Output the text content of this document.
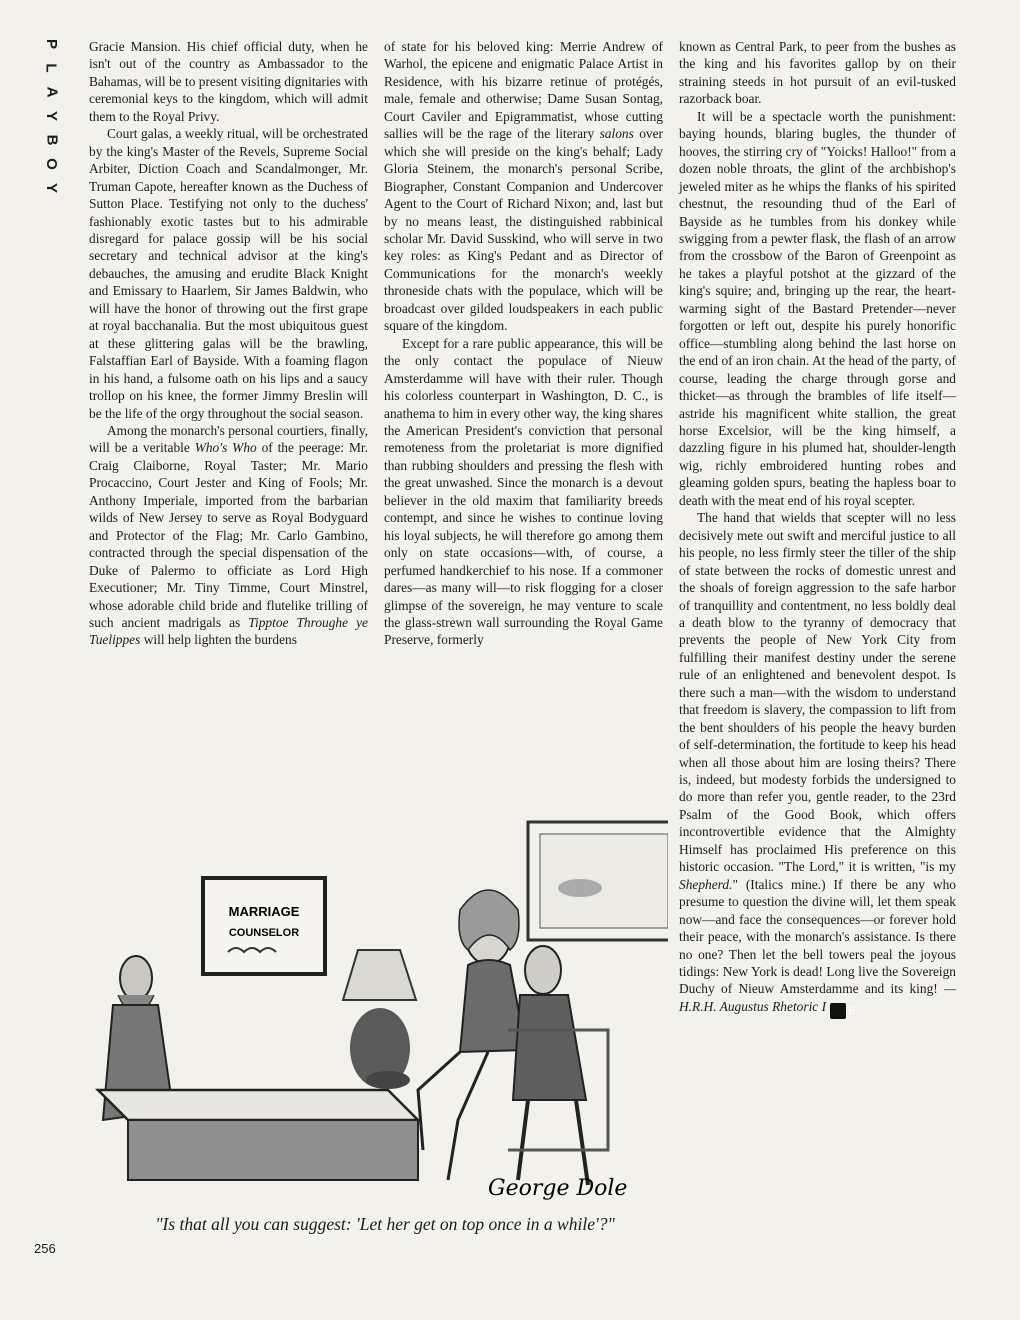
P
L
A
Y
B
O
Y

Gracie Mansion. His chief official duty, when he isn't out of the country as Ambassador to the Bahamas, will be to present visiting dignitaries with ceremonial keys to the kingdom, which will admit them to the Royal Privy.

Court galas, a weekly ritual, will be orchestrated by the king's Master of the Revels, Supreme Social Arbiter, Diction Coach and Scandalmonger, Mr. Truman Capote, hereafter known as the Duchess of Sutton Place. Testifying not only to the duchess' fashionably exotic tastes but to his admirable disregard for palace gossip will be his social secretary and technical advisor at the king's debauches, the amusing and erudite Black Knight and Emissary to Haarlem, Sir James Baldwin, who will have the honor of throwing out the first grape at royal bacchanalia. But the most ubiquitous guest at these glittering galas will be the brawling, Falstaffian Earl of Bayside. With a foaming flagon in his hand, a fulsome oath on his lips and a saucy trollop on his knee, the former Jimmy Breslin will be the life of the orgy throughout the social season.

Among the monarch's personal courtiers, finally, will be a veritable Who's Who of the peerage: Mr. Craig Claiborne, Royal Taster; Mr. Mario Procaccino, Court Jester and King of Fools; Mr. Anthony Imperiale, imported from the barbarian wilds of New Jersey to serve as Royal Bodyguard and Protector of the Flag; Mr. Carlo Gambino, contracted through the special dispensation of the Duke of Palermo to officiate as Lord High Executioner; Mr. Tiny Timme, Court Minstrel, whose adorable child bride and flutelike trilling of such ancient madrigals as Tipptoe Throughe ye Tuelippes will help lighten the burdens

of state for his beloved king: Merrie Andrew of Warhol, the epicene and enigmatic Palace Artist in Residence, with his bizarre retinue of protégés, male, female and otherwise; Dame Susan Sontag, Court Caviler and Epigrammatist, whose cutting sallies will be the rage of the literary salons over which she will preside on the king's behalf; Lady Gloria Steinem, the monarch's personal Scribe, Biographer, Constant Companion and Undercover Agent to the Court of Richard Nixon; and, last but by no means least, the distinguished rabbinical scholar Mr. David Susskind, who will serve in two key roles: as King's Pedant and as Director of Communications for the monarch's weekly throneside chats with the populace, which will be broadcast over gilded loudspeakers in each public square of the kingdom.

Except for a rare public appearance, this will be the only contact the populace of Nieuw Amsterdamme will have with their ruler. Though his colorless counterpart in Washington, D. C., is anathema to him in every other way, the king shares the American President's conviction that personal remoteness from the proletariat is more dignified than rubbing shoulders and pressing the flesh with the great unwashed. Since the monarch is a devout believer in the old maxim that familiarity breeds contempt, and since he wishes to continue loving his loyal subjects, he will therefore go among them only on state occasions—with, of course, a perfumed handkerchief to his nose. If a commoner dares—as many will—to risk flogging for a closer glimpse of the sovereign, he may venture to scale the glass-strewn wall surrounding the Royal Game Preserve, formerly

known as Central Park, to peer from the bushes as the king and his favorites gallop by on their straining steeds in hot pursuit of an evil-tusked razorback boar.

It will be a spectacle worth the punishment: baying hounds, blaring bugles, the thunder of hooves, the stirring cry of "Yoicks! Halloo!" from a dozen noble throats, the glint of the archbishop's jeweled miter as he whips the flanks of his spirited chestnut, the resounding thud of the Earl of Bayside as he tumbles from his donkey while swigging from a pewter flask, the flash of an arrow from the crossbow of the Baron of Greenpoint as he takes a playful potshot at the gizzard of the king's squire; and, bringing up the rear, the heart-warming sight of the Bastard Pretender—never forgotten or left out, despite his purely honorific office—stumbling along behind the last horse on the end of an iron chain. At the head of the party, of course, leading the charge through gorse and thicket—as through the brambles of life itself—astride his magnificent white stallion, the great horse Excelsior, will be the king himself, a dazzling figure in his plumed hat, shoulder-length wig, richly embroidered hunting robes and gleaming golden spurs, beating the hapless boar to death with the meat end of his royal scepter.

The hand that wields that scepter will no less decisively mete out swift and merciful justice to all his people, no less firmly steer the tiller of the ship of state between the rocks of domestic unrest and the shoals of foreign aggression to the safe harbor of tranquillity and contentment, no less boldly deal a death blow to the tyranny of democracy that prevents the people of New York City from fulfilling their manifest destiny under the serene rule of an enlightened and benevolent despot. Is there such a man—with the wisdom to understand that freedom is slavery, the compassion to lift from the bent shoulders of his people the heavy burden of self-determination, the fortitude to keep his head when all those about him are losing theirs? There is, indeed, but modesty forbids the undersigned to do more than refer you, gentle reader, to the 23rd Psalm of the Good Book, which offers incontrovertible evidence that the Almighty Himself has proclaimed His preference on this historic occasion. "The Lord," it is written, "is my Shepherd." (Italics mine.) If there be any who presume to question the divine will, let them speak now—and face the consequences—or forever hold their peace, with the monarch's assistance. Is there no one? Then let the bell towers peal the joyous tidings: New York is dead! Long live the Sovereign Duchy of Nieuw Amsterdamme and its king! —H.R.H. Augustus Rhetoric I B

MARRIAGE
COUNSELOR
George Dole
"Is that all you can suggest: 'Let her get on top once in a while'?"
256
